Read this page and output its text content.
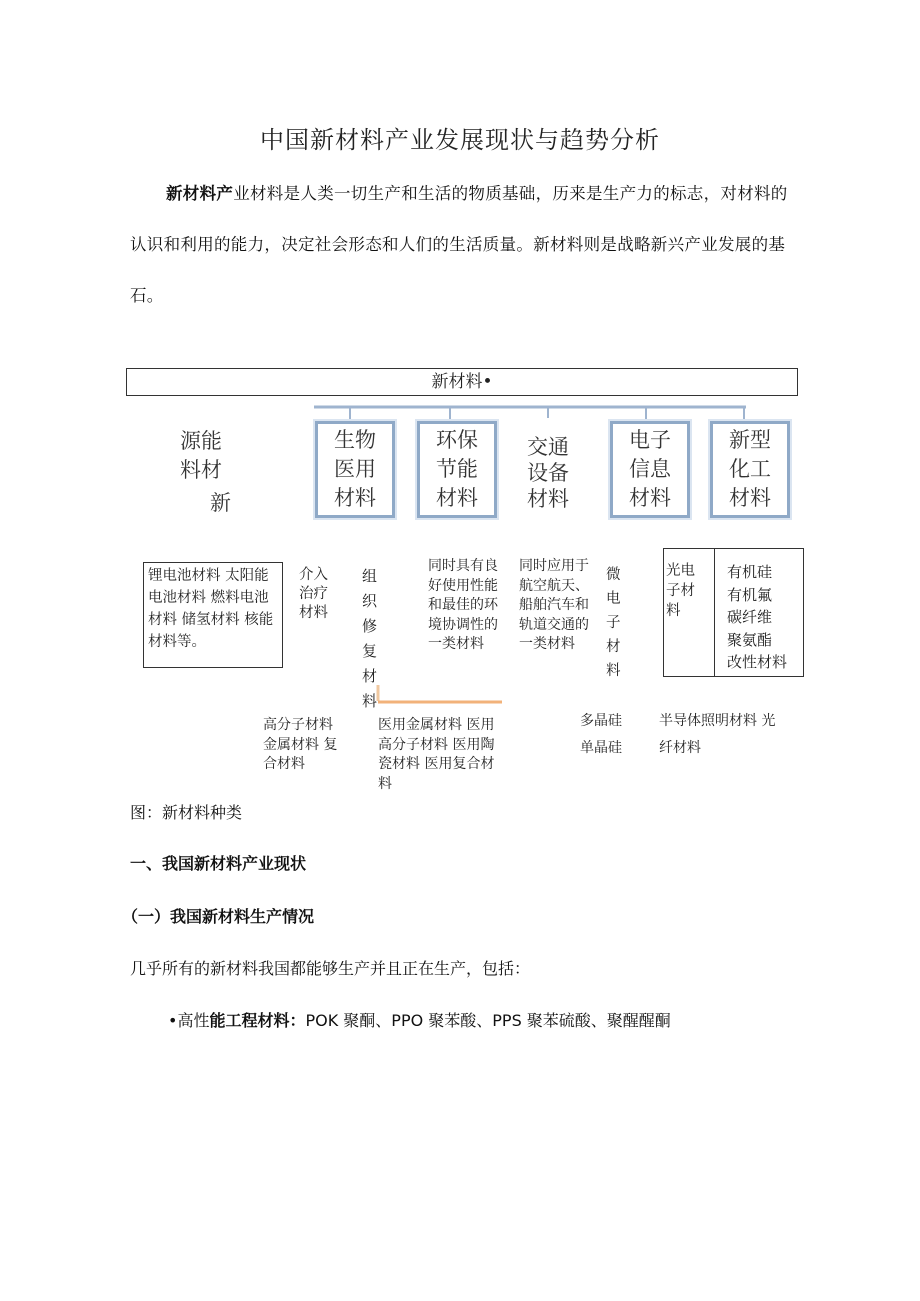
中国新材料产业发展现状与趋势分析
新材料产业材料是人类一切生产和生活的物质基础，历来是生产力的标志，对材料的认识和利用的能力，决定社会形态和人们的生活质量。新材料则是战略新兴产业发展的基石。
新材料•
源能
料材
新
生物
医用
材料
环保
节能
材料
交通
设备
材料
电子
信息
材料
新型
化工
材料
锂电池材料 太阳能电池材料 燃料电池材料 储氢材料 核能材料等。
介入治疗材料
组织修复材料
同时具有良好使用性能和最佳的环境协调性的一类材料
同时应用于航空航天、船舶汽车和轨道交通的一类材料
微电子材料
光电子材料
有机硅
有机氟
碳纤维
聚氨酯
改性材料
高分子材料 金属材料 复合材料
医用金属材料 医用高分子材料 医用陶瓷材料 医用复合材料
多晶硅 单晶硅
半导体照明材料 光纤材料
图：新材料种类
一、我国新材料产业现状
（一）我国新材料生产情况
几乎所有的新材料我国都能够生产并且正在生产，包括：
•高性能工程材料：POK 聚酮、PPO 聚苯酸、PPS 聚苯硫酸、聚醒醒酮
